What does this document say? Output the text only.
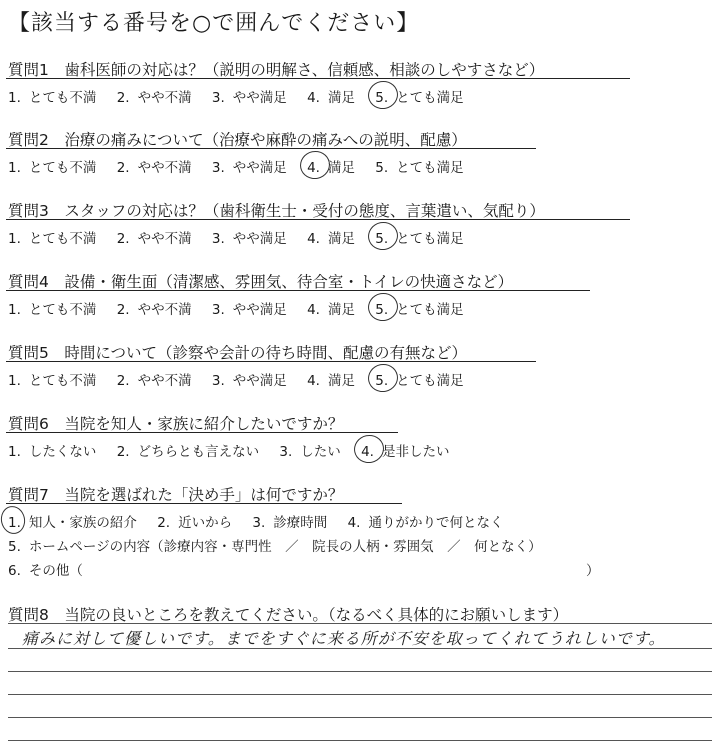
【該当する番号を○で囲んでください】
質問1　歯科医師の対応は？（説明の明解さ、信頼感、相談のしやすさなど）
1. とても不満 2. やや不満 3. やや満足 4. 満足 5. とても満足
質問2　治療の痛みについて（治療や麻酔の痛みへの説明、配慮）
1. とても不満 2. やや不満 3. やや満足 4. 満足 5. とても満足
質問3　スタッフの対応は？（歯科衛生士・受付の態度、言葉遣い、気配り）
1. とても不満 2. やや不満 3. やや満足 4. 満足 5. とても満足
質問4　設備・衛生面（清潔感、雰囲気、待合室・トイレの快適さなど）
1. とても不満 2. やや不満 3. やや満足 4. 満足 5. とても満足
質問5　時間について（診察や会計の待ち時間、配慮の有無など）
1. とても不満 2. やや不満 3. やや満足 4. 満足 5. とても満足
質問6　当院を知人・家族に紹介したいですか？
1. したくない 2. どちらとも言えない 3. したい 4. 是非したい
質問7　当院を選ばれた「決め手」は何ですか？
1. 知人・家族の紹介 2. 近いから 3. 診療時間 4. 通りがかりで何となく
5. ホームページの内容（診療内容・専門性　／　院長の人柄・雰囲気　／　何となく）
6. その他（	）
質問8　当院の良いところを教えてください。（なるべく具体的にお願いします）
痛みに対して優しいです。までをすぐに来る所が不安を取ってくれてうれしいです。
